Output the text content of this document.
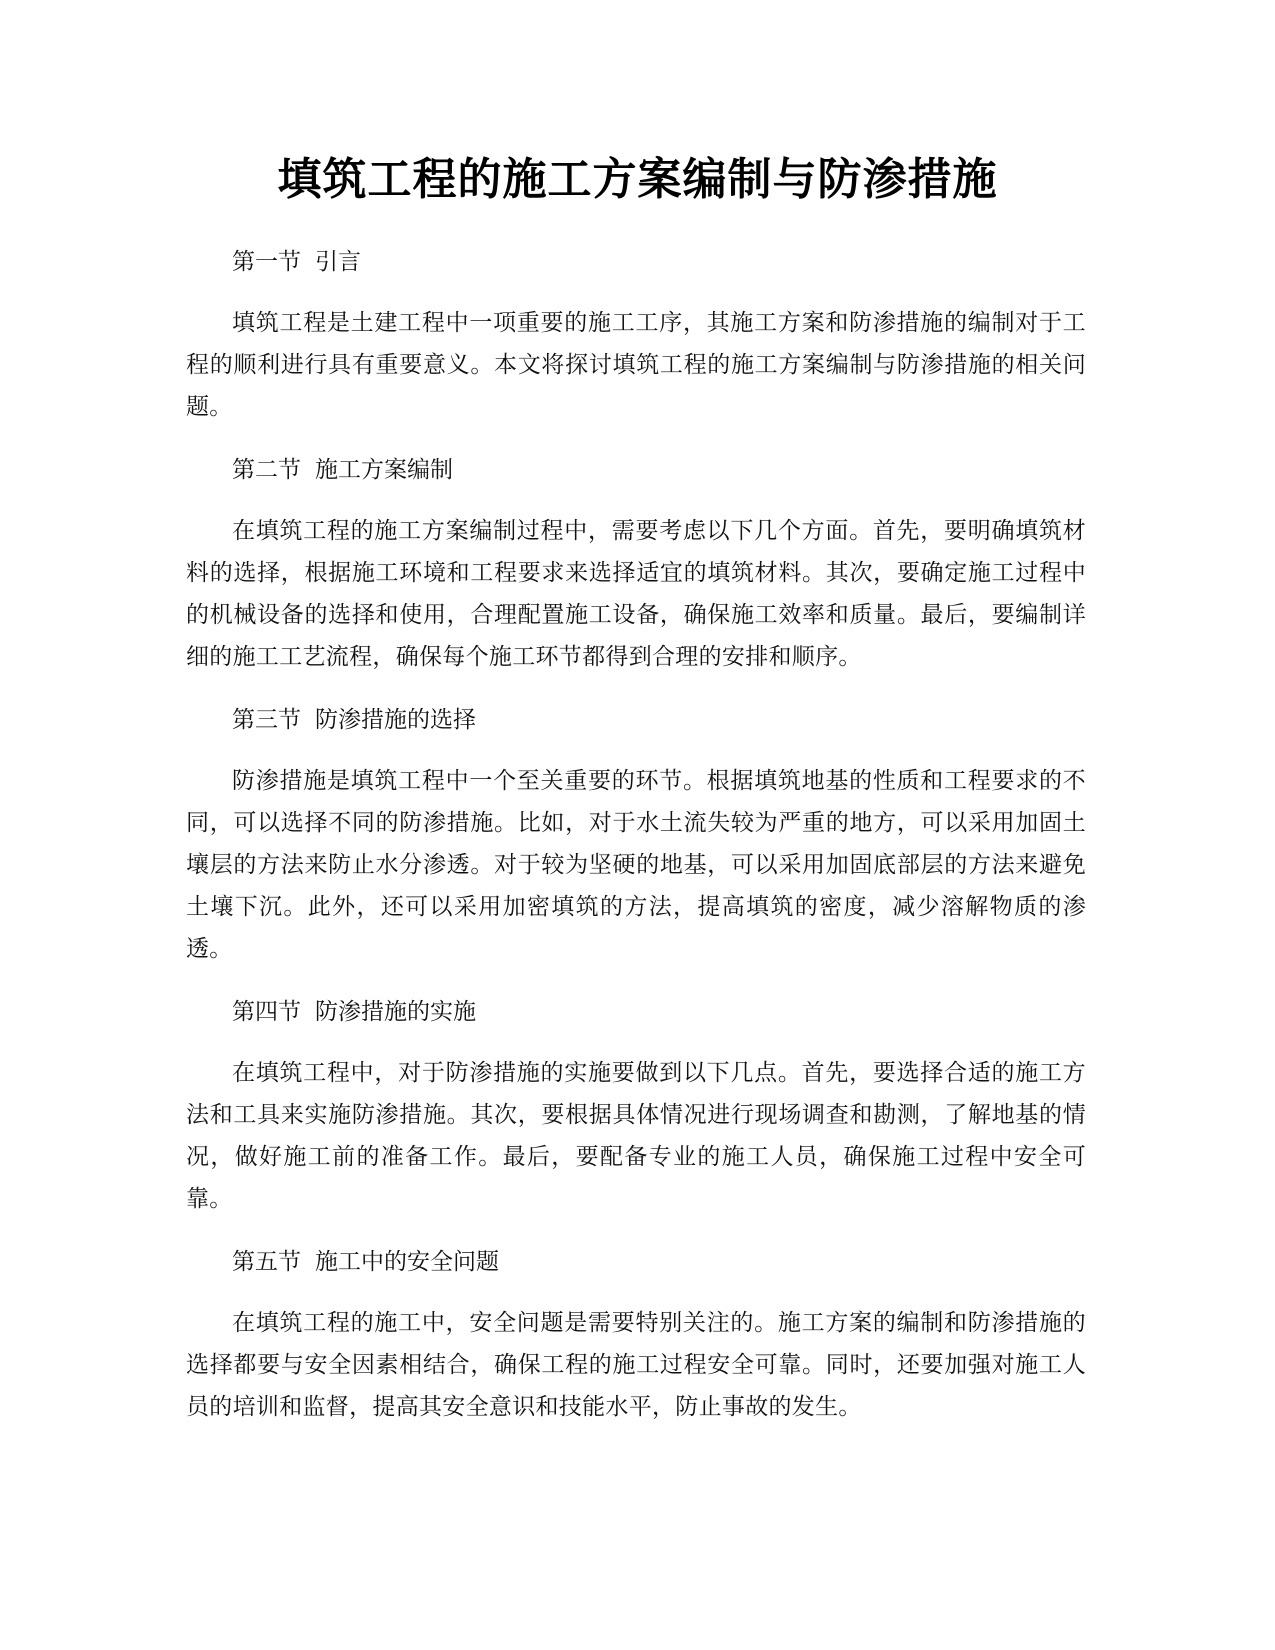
填筑工程的施工方案编制与防渗措施

第一节 引言

填筑工程是土建工程中一项重要的施工工序，其施工方案和防渗措施的编制对于工程的顺利进行具有重要意义。本文将探讨填筑工程的施工方案编制与防渗措施的相关问题。

第二节 施工方案编制

在填筑工程的施工方案编制过程中，需要考虑以下几个方面。首先，要明确填筑材料的选择，根据施工环境和工程要求来选择适宜的填筑材料。其次，要确定施工过程中的机械设备的选择和使用，合理配置施工设备，确保施工效率和质量。最后，要编制详细的施工工艺流程，确保每个施工环节都得到合理的安排和顺序。

第三节 防渗措施的选择

防渗措施是填筑工程中一个至关重要的环节。根据填筑地基的性质和工程要求的不同，可以选择不同的防渗措施。比如，对于水土流失较为严重的地方，可以采用加固土壤层的方法来防止水分渗透。对于较为坚硬的地基，可以采用加固底部层的方法来避免土壤下沉。此外，还可以采用加密填筑的方法，提高填筑的密度，减少溶解物质的渗透。

第四节 防渗措施的实施

在填筑工程中，对于防渗措施的实施要做到以下几点。首先，要选择合适的施工方法和工具来实施防渗措施。其次，要根据具体情况进行现场调查和勘测，了解地基的情况，做好施工前的准备工作。最后，要配备专业的施工人员，确保施工过程中安全可靠。

第五节 施工中的安全问题

在填筑工程的施工中，安全问题是需要特别关注的。施工方案的编制和防渗措施的选择都要与安全因素相结合，确保工程的施工过程安全可靠。同时，还要加强对施工人员的培训和监督，提高其安全意识和技能水平，防止事故的发生。
